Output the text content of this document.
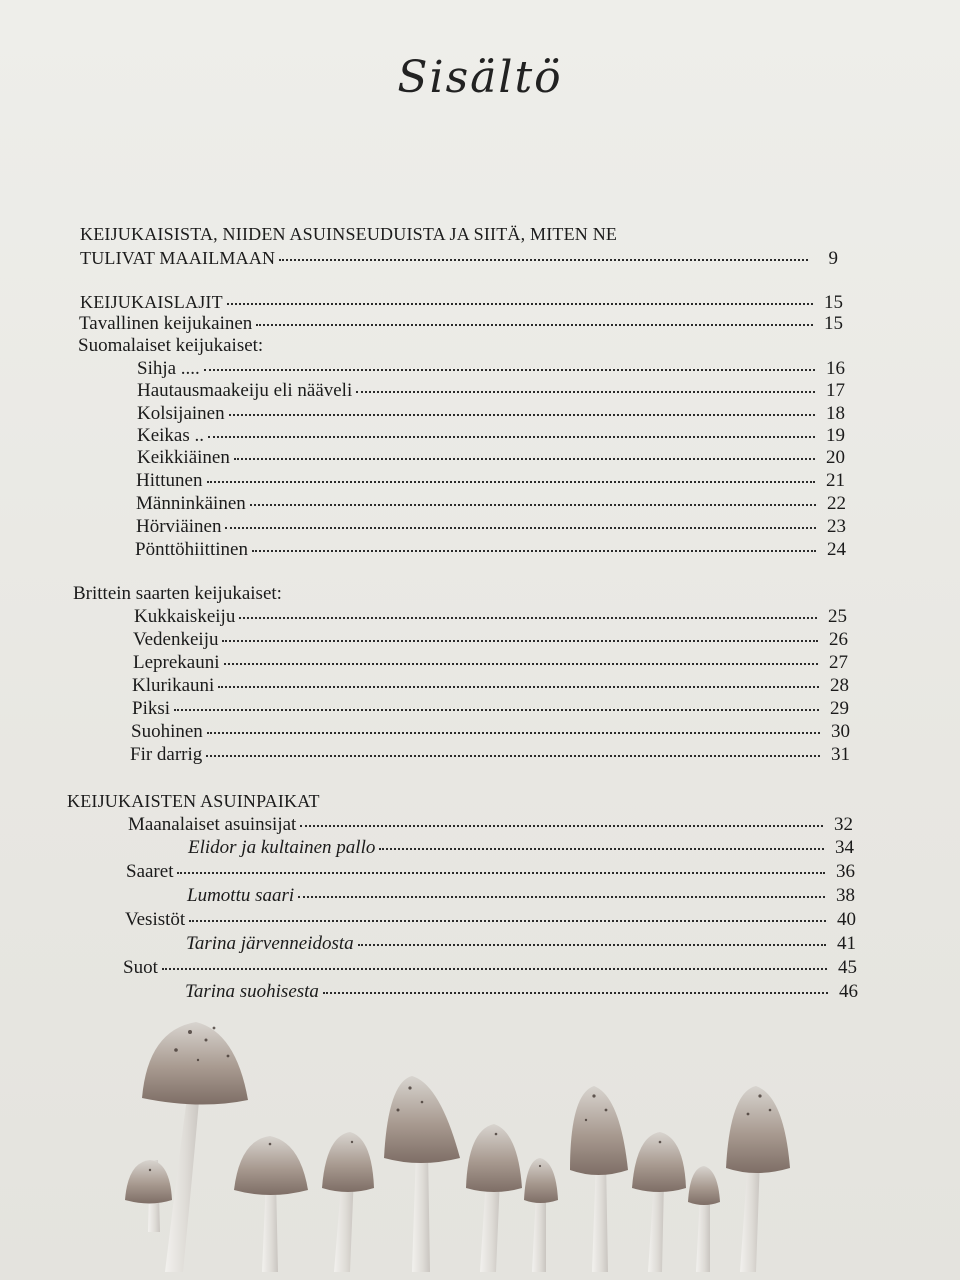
Sisältö
KEIJUKAISISTA, NIIDEN ASUINSEUDUISTA JA SIITÄ, MITEN NE
TULIVAT MAAILMAAN	9
KEIJUKAISLAJIT	15
Tavallinen keijukainen	15
Suomalaiset keijukaiset:
Sihja ....	16
Hautausmaakeiju eli nääveli	17
Kolsijainen	18
Keikas ..	19
Keikkiäinen	20
Hittunen	21
Männinkäinen	22
Hörviäinen	23
Pönttöhiittinen	24
Brittein saarten keijukaiset:
Kukkaiskeiju	25
Vedenkeiju	26
Leprekauni	27
Klurikauni	28
Piksi	29
Suohinen	30
Fir darrig	31
KEIJUKAISTEN ASUINPAIKAT
Maanalaiset asuinsijat	32
Elidor ja kultainen pallo	34
Saaret	36
Lumottu saari	38
Vesistöt	40
Tarina järvenneidosta	41
Suot	45
Tarina suohisesta	46
